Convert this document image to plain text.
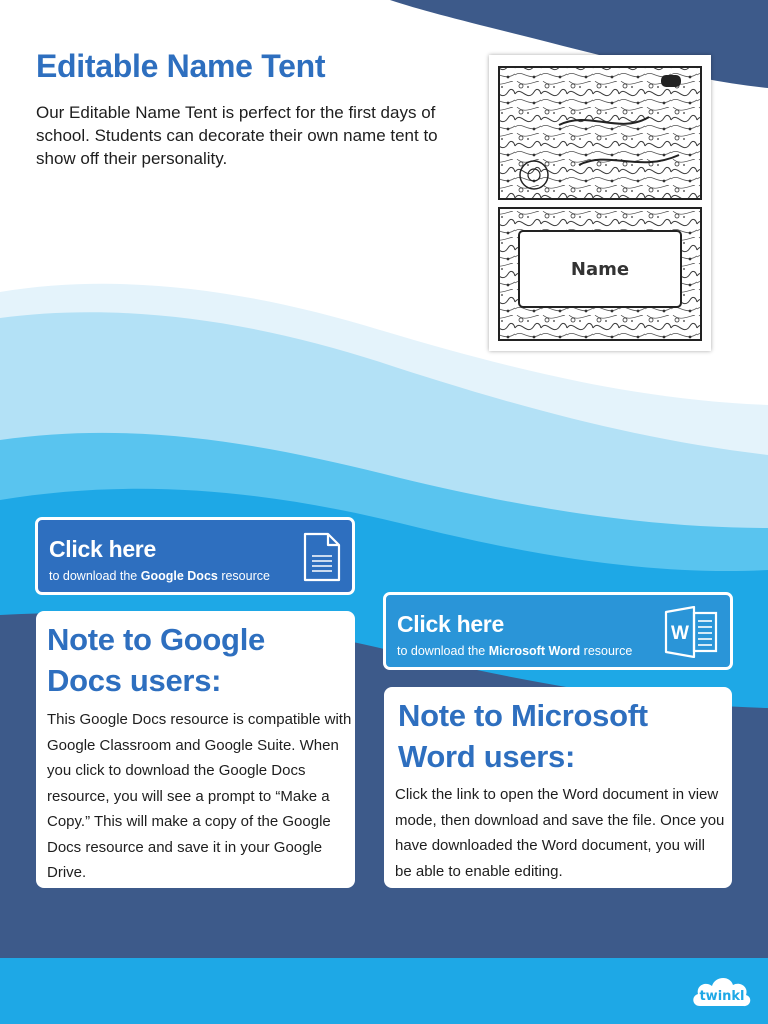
Editable Name Tent

Our Editable Name Tent is perfect for the first days of school. Students can decorate their own name tent to show off their personality.

Name
Click here
to download the Google Docs resource
Note to Google Docs users:

This Google Docs resource is compatible with Google Classroom and Google Suite. When you click to download the Google Docs resource, you will see a prompt to “Make a Copy.” This will make a copy of the Google Docs resource and save it in your Google Drive.

Click here
to download the Microsoft Word resource
W
Note to Microsoft Word users:

Click the link to open the Word document in view mode, then download and save the file. Once you have downloaded the Word document, you will be able to enable editing.

twinkl
